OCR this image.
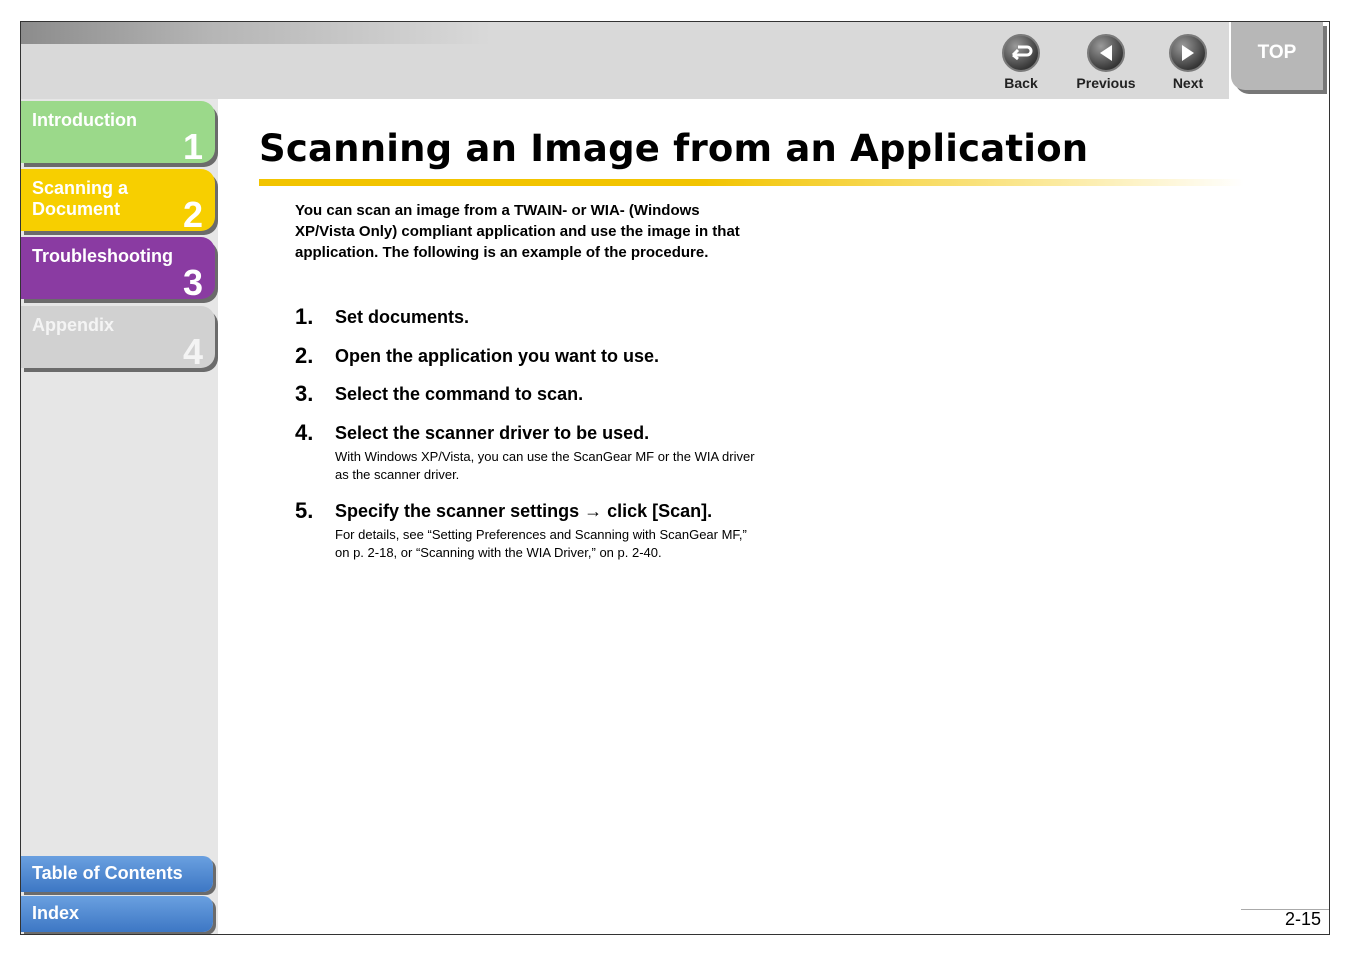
Back	Previous	Next
TOP
Introduction
1
Scanning a Document	2
Troubleshooting
3
Appendix
4
Table of Contents
Index
Scanning an Image from an Application

You can scan an image from a TWAIN- or WIA- (Windows XP/Vista Only) compliant application and use the image in that application. The following is an example of the procedure.

1. Set documents.
2. Open the application you want to use.
3. Select the command to scan.
4. Select the scanner driver to be used.
With Windows XP/Vista, you can use the ScanGear MF or the WIA driver as the scanner driver.
5. Specify the scanner settings → click [Scan].
For details, see “Setting Preferences and Scanning with ScanGear MF,” on p. 2-18, or “Scanning with the WIA Driver,” on p. 2-40.
2-15
